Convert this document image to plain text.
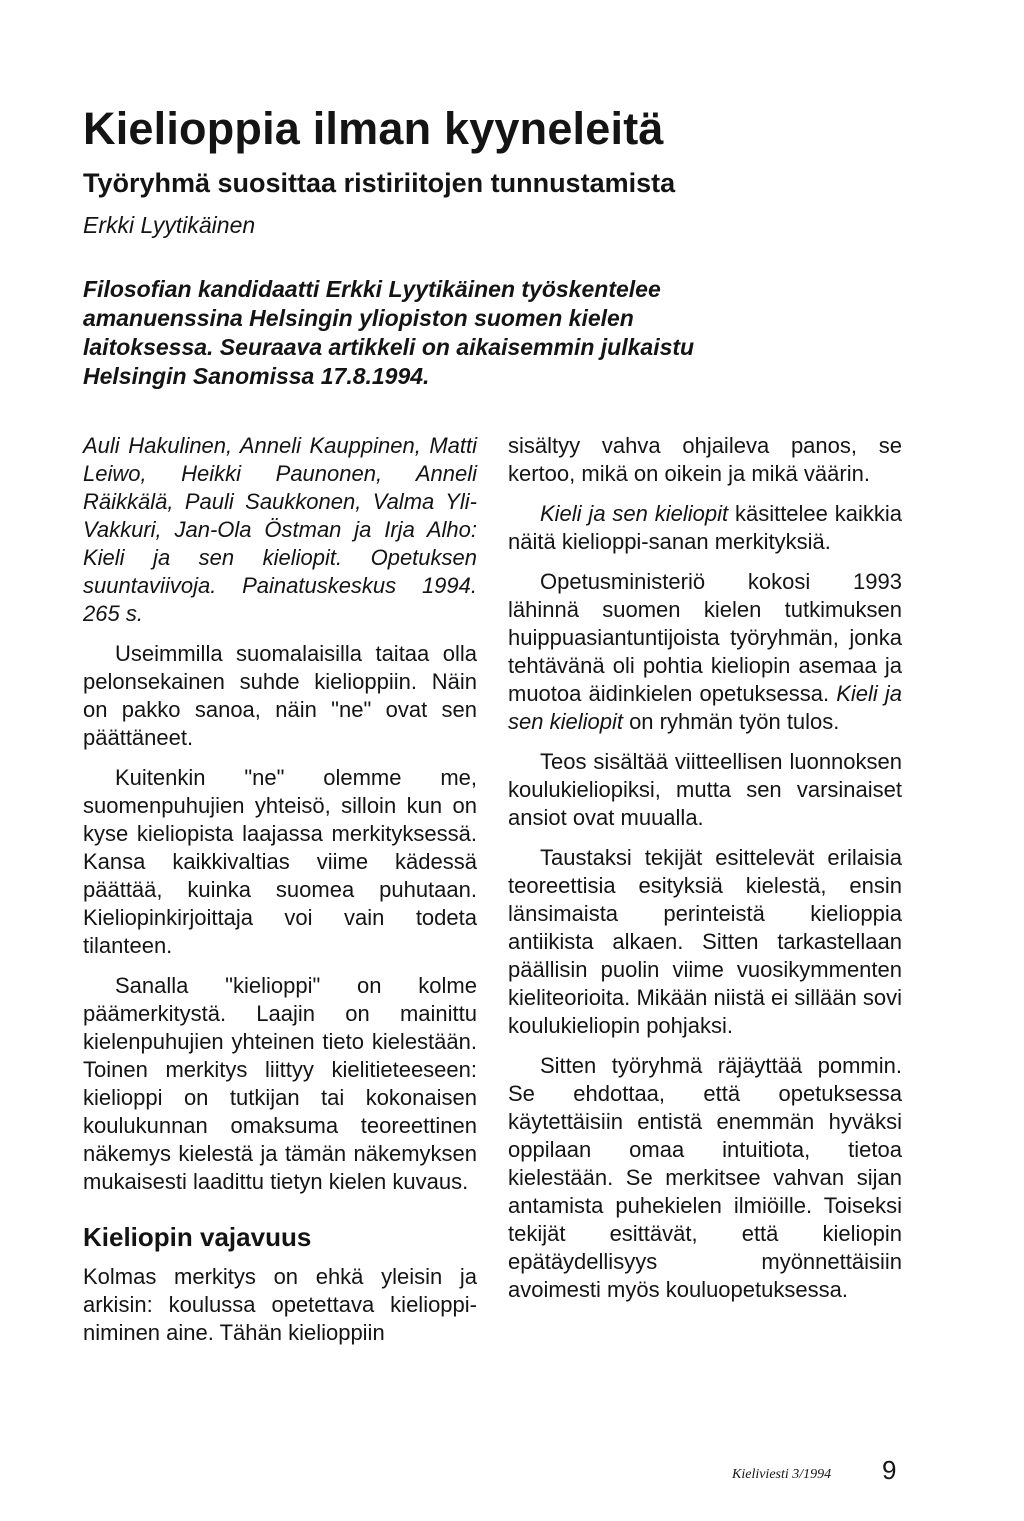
Kielioppia ilman kyyneleitä
Työryhmä suosittaa ristiriitojen tunnustamista
Erkki Lyytikäinen

Filosofian kandidaatti Erkki Lyytikäinen työskentelee amanuenssina Helsingin yliopiston suomen kielen laitoksessa. Seuraava artikkeli on aikaisemmin julkaistu Helsingin Sanomissa 17.8.1994.

Auli Hakulinen, Anneli Kauppinen, Matti Leiwo, Heikki Paunonen, Anneli Räikkälä, Pauli Saukkonen, Valma Yli-Vakkuri, Jan-Ola Östman ja Irja Alho: Kieli ja sen kieliopit. Opetuksen suuntaviivoja. Painatuskeskus 1994. 265 s.

Useimmilla suomalaisilla taitaa olla pelonsekainen suhde kielioppiin. Näin on pakko sanoa, näin "ne" ovat sen päättäneet.

Kuitenkin "ne" olemme me, suomenpuhujien yhteisö, silloin kun on kyse kieliopista laajassa merkityksessä. Kansa kaikkivaltias viime kädessä päättää, kuinka suomea puhutaan. Kieliopinkirjoittaja voi vain todeta tilanteen.

Sanalla "kielioppi" on kolme päämerkitystä. Laajin on mainittu kielenpuhujien yhteinen tieto kielestään. Toinen merkitys liittyy kielitieteeseen: kielioppi on tutkijan tai kokonaisen koulukunnan omaksuma teoreettinen näkemys kielestä ja tämän näkemyksen mukaisesti laadittu tietyn kielen kuvaus.

Kieliopin vajavuus

Kolmas merkitys on ehkä yleisin ja arkisin: koulussa opetettava kielioppi-niminen aine. Tähän kielioppiin

sisältyy vahva ohjaileva panos, se kertoo, mikä on oikein ja mikä väärin.

Kieli ja sen kieliopit käsittelee kaikkia näitä kielioppi-sanan merkityksiä.

Opetusministeriö kokosi 1993 lähinnä suomen kielen tutkimuksen huippuasiantuntijoista työryhmän, jonka tehtävänä oli pohtia kieliopin asemaa ja muotoa äidinkielen opetuksessa. Kieli ja sen kieliopit on ryhmän työn tulos.

Teos sisältää viitteellisen luonnoksen koulukieliopiksi, mutta sen varsinaiset ansiot ovat muualla.

Taustaksi tekijät esittelevät erilaisia teoreettisia esityksiä kielestä, ensin länsimaista perinteistä kielioppia antiikista alkaen. Sitten tarkastellaan päällisin puolin viime vuosikymmenten kieliteorioita. Mikään niistä ei sillään sovi koulukieliopin pohjaksi.

Sitten työryhmä räjäyttää pommin. Se ehdottaa, että opetuksessa käytettäisiin entistä enemmän hyväksi oppilaan omaa intuitiota, tietoa kielestään. Se merkitsee vahvan sijan antamista puhekielen ilmiöille. Toiseksi tekijät esittävät, että kieliopin epätäydellisyys myönnettäisiin avoimesti myös kouluopetuksessa.

Kieliviesti 3/1994 9
